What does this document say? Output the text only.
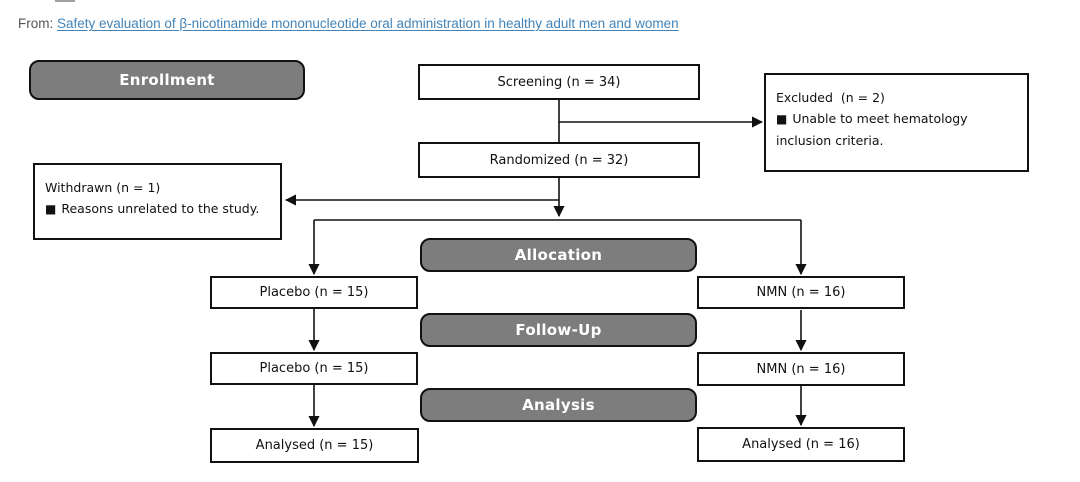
From: Safety evaluation of β-nicotinamide mononucleotide oral administration in healthy adult men and women
Enrollment
Allocation
Follow-Up
Analysis
Screening (n = 34)
Randomized (n = 32)
Placebo (n = 15)	NMN (n = 16)
Placebo (n = 15)	NMN (n = 16)
Analysed (n = 15)	Analysed (n = 16)
Excluded  (n = 2)
■ Unable to meet hematology inclusion criteria.
Withdrawn (n = 1)
■ Reasons unrelated to the study.
